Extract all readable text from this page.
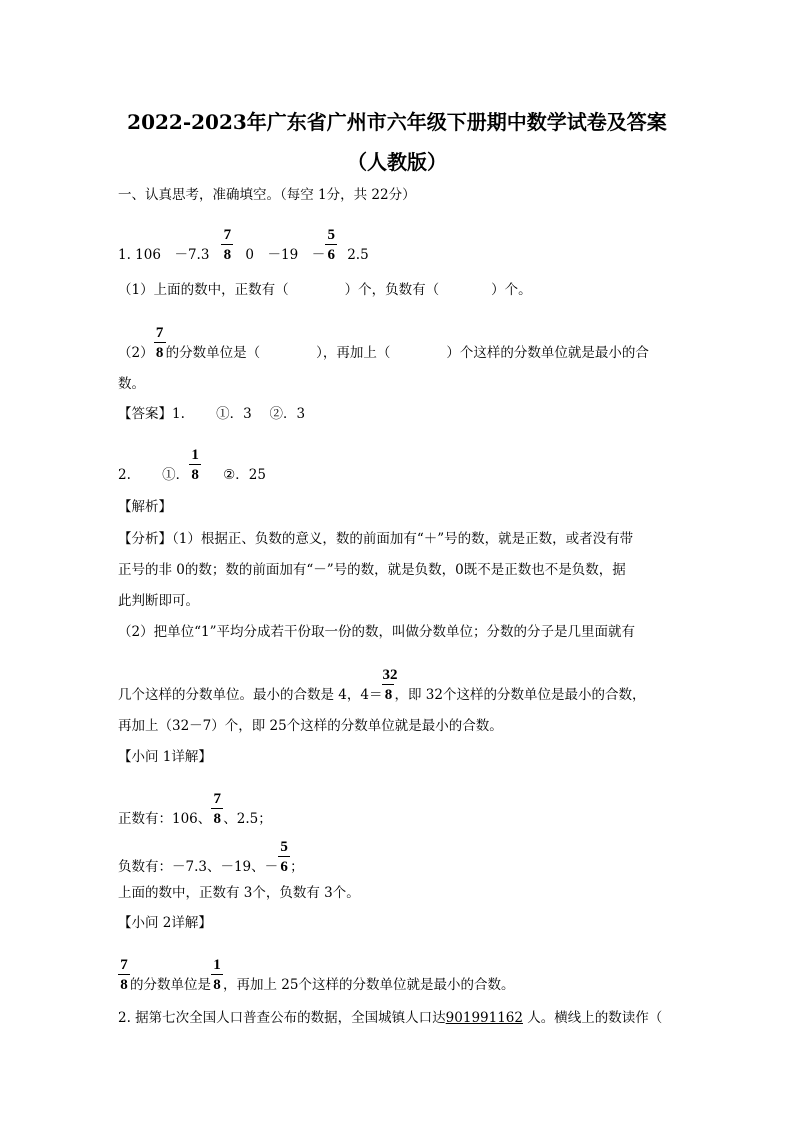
2022-2023年广东省广州市六年级下册期中数学试卷及答案
（人教版）
一、认真思考，准确填空。（每空 1分，共 22分）
1. 106　$-7.3 \frac{7}{8} 0$　－19　－ $\frac{5}{6} 2.5$
（1）上面的数中，正数有（	）个，负数有（	）个。
$(2) \frac{7}{8}$的分数单位是（	），再加上（	）个这样的分数单位就是最小的合
数。
【答案】1.　　 ①．3　 ②．3
2.　　 ①． $\frac{1}{8}$ ②．25
【解析】
【分析】（1）根据正、负数的意义，数的前面加有“＋”号的数，就是正数，或者没有带
正号的非 0的数；数的前面加有“－”号的数，就是负数，0既不是正数也不是负数，据
此判断即可。
（2）把单位“1”平均分成若干份取一份的数，叫做分数单位；分数的分子是几里面就有
几个这样的分数单位。最小的合数是 4，$4= \frac{32}{8}$，即 32个这样的分数单位是最小的合数，
再加上（32－7）个，即 25个这样的分数单位就是最小的合数。
【小问 1详解】
正数有：106、 $\frac{7}{8}$、2.5；
负数有：－7.3、－19、－ $\frac{5}{6}$；
上面的数中，正数有 3个，负数有 3个。
【小问 2详解】
$\frac{7}{8}$的分数单位是 $\frac{1}{8}$，再加上 25个这样的分数单位就是最小的合数。
2. 据第七次全国人口普查公布的数据，全国城镇人口达901991162 人。横线上的数读作（
